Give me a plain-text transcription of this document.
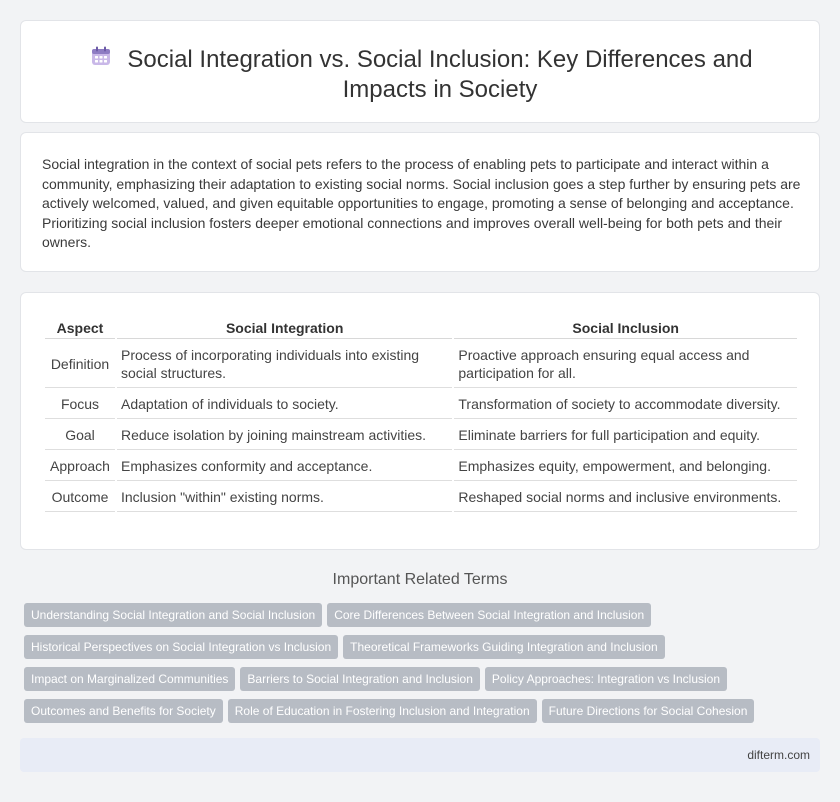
Social Integration vs. Social Inclusion: Key Differences and Impacts in Society

Social integration in the context of social pets refers to the process of enabling pets to participate and interact within a community, emphasizing their adaptation to existing social norms. Social inclusion goes a step further by ensuring pets are actively welcomed, valued, and given equitable opportunities to engage, promoting a sense of belonging and acceptance. Prioritizing social inclusion fosters deeper emotional connections and improves overall well-being for both pets and their owners.

Aspect	Social Integration	Social Inclusion
Definition	Process of incorporating individuals into existing social structures.	Proactive approach ensuring equal access and participation for all.
Focus	Adaptation of individuals to society.	Transformation of society to accommodate diversity.
Goal	Reduce isolation by joining mainstream activities.	Eliminate barriers for full participation and equity.
Approach	Emphasizes conformity and acceptance.	Emphasizes equity, empowerment, and belonging.
Outcome	Inclusion "within" existing norms.	Reshaped social norms and inclusive environments.
Important Related Terms
Understanding Social Integration and Social Inclusion Core Differences Between Social Integration and Inclusion
Historical Perspectives on Social Integration vs Inclusion Theoretical Frameworks Guiding Integration and Inclusion
Impact on Marginalized Communities Barriers to Social Integration and Inclusion Policy Approaches: Integration vs Inclusion
Outcomes and Benefits for Society Role of Education in Fostering Inclusion and Integration Future Directions for Social Cohesion
difterm.com
